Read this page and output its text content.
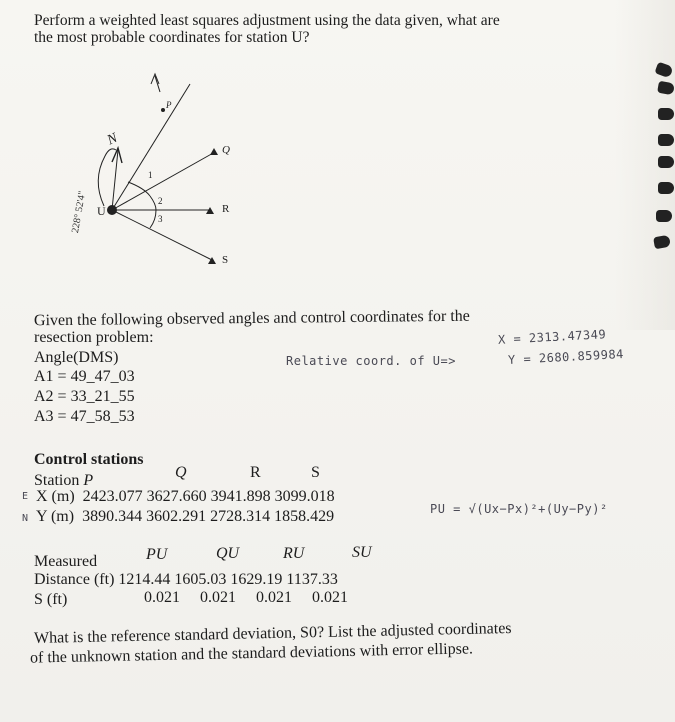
Perform a weighted least squares adjustment using the data given, what are
the most probable coordinates for station U?
N
228° 52'4" U
P
Q
R
S
1
2
3
Given the following observed angles and control coordinates for the
resection problem:
Angle(DMS)
A1 = 49_47_03
A2 = 33_21_55
A3 = 47_58_53
Relative coord. of U=>
X = 2313.47349
Y = 2680.859984
PU = √(Ux−Px)²+(Uy−Py)²
Control stations
Station P	Q	R	S
E X (m) 2423.077 3627.660 3941.898 3099.018
N Y (m) 3890.344 3602.291 2728.314 1858.429
Measured	PU	QU	RU	SU
Distance (ft) 1214.44 1605.03 1629.19 1137.33
S (ft)	0.021     0.021     0.021     0.021
What is the reference standard deviation, S0? List the adjusted coordinates
of the unknown station and the standard deviations with error ellipse.
